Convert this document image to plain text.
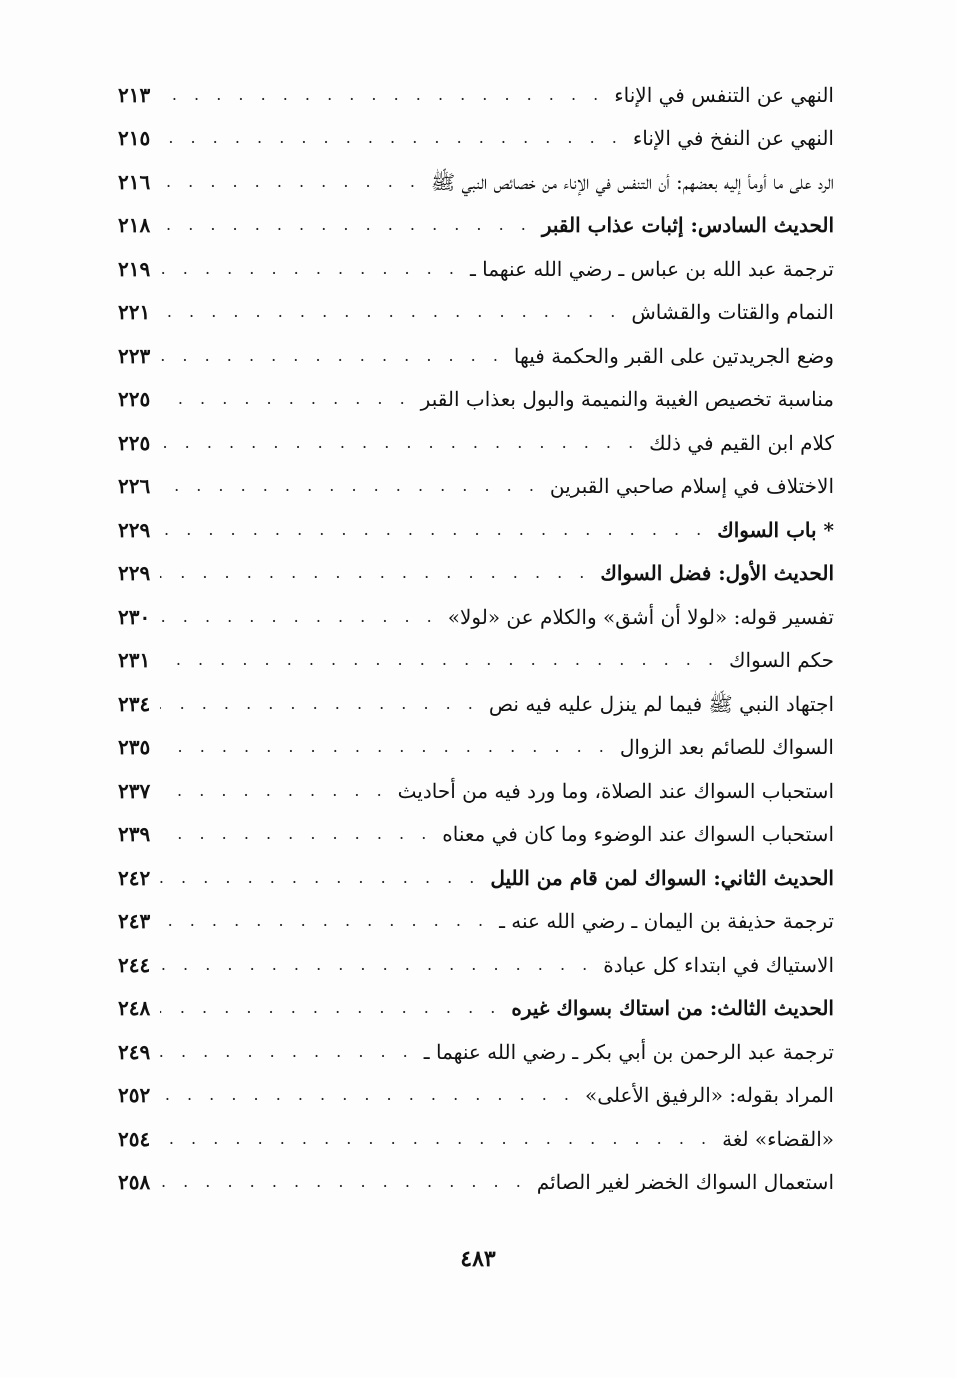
النهي عن التنفس في الإناء
. . .
٢١٣
النهي عن النفخ في الإناء
. . .
٢١٥
الرد على ما أومأ إليه بعضهم: أن التنفس في الإناء من خصائص النبي ﷺ
. . .
٢١٦
الحديث السادس: إثبات عذاب القبر
. . .
٢١٨
ترجمة عبد الله بن عباس ـ رضي الله عنهما ـ
. . .
٢١٩
النمام والقتات والقشاش
. . .
٢٢١
وضع الجريدتين على القبر والحكمة فيها
. . .
٢٢٣
مناسبة تخصيص الغيبة والنميمة والبول بعذاب القبر
. . .
٢٢٥
كلام ابن القيم في ذلك
. . .
٢٢٥
الاختلاف في إسلام صاحبي القبرين
. . .
٢٢٦
* باب السواك
. . .
٢٢٩
الحديث الأول: فضل السواك
. . .
٢٢٩
تفسير قوله: «لولا أن أشق» والكلام عن «لولا»
. . .
٢٣٠
حكم السواك
. . .
٢٣١
اجتهاد النبي ﷺ فيما لم ينزل عليه فيه نص
. . .
٢٣٤
السواك للصائم بعد الزوال
. . .
٢٣٥
استحباب السواك عند الصلاة، وما ورد فيه من أحاديث
. . .
٢٣٧
استحباب السواك عند الوضوء وما كان في معناه
. . .
٢٣٩
الحديث الثاني: السواك لمن قام من الليل
. . .
٢٤٢
ترجمة حذيفة بن اليمان ـ رضي الله عنه ـ
. . .
٢٤٣
الاستياك في ابتداء كل عبادة
. . .
٢٤٤
الحديث الثالث: من استاك بسواك غيره
. . .
٢٤٨
ترجمة عبد الرحمن بن أبي بكر ـ رضي الله عنهما ـ
. . .
٢٤٩
المراد بقوله: «الرفيق الأعلى»
. . .
٢٥٢
«القضاء» لغة
. . .
٢٥٤
استعمال السواك الخضر لغير الصائم
. . .
٢٥٨
٤٨٣
